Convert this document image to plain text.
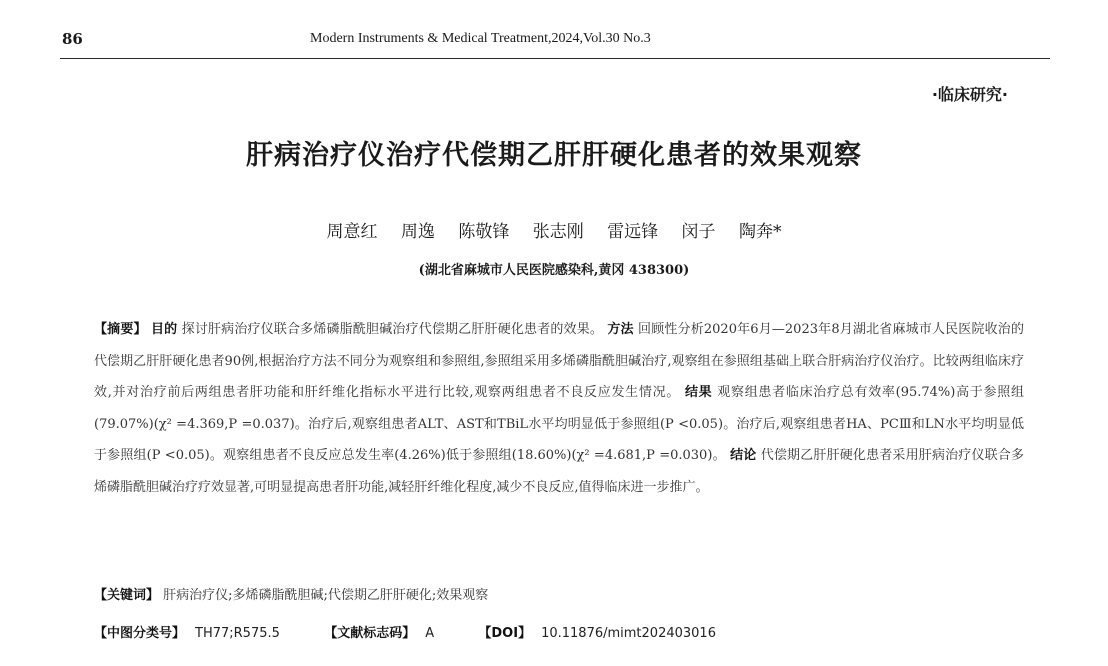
86	Modern Instruments & Medical Treatment,2024,Vol.30 No.3
·临床研究·
肝病治疗仪治疗代偿期乙肝肝硬化患者的效果观察
周意红 周逸 陈敬锋 张志刚 雷远锋 闵子 陶奔*
(湖北省麻城市人民医院感染科,黄冈 438300)
【摘要】 目的 探讨肝病治疗仪联合多烯磷脂酰胆碱治疗代偿期乙肝肝硬化患者的效果。 方法 回顾性分析2020年6月—2023年8月湖北省麻城市人民医院收治的代偿期乙肝肝硬化患者90例,根据治疗方法不同分为观察组和参照组,参照组采用多烯磷脂酰胆碱治疗,观察组在参照组基础上联合肝病治疗仪治疗。比较两组临床疗效,并对治疗前后两组患者肝功能和肝纤维化指标水平进行比较,观察两组患者不良反应发生情况。 结果 观察组患者临床治疗总有效率(95.74%)高于参照组(79.07%)(χ² =4.369,P =0.037)。治疗后,观察组患者ALT、AST和TBiL水平均明显低于参照组(P <0.05)。治疗后,观察组患者HA、PCⅢ和LN水平均明显低于参照组(P <0.05)。观察组患者不良反应总发生率(4.26%)低于参照组(18.60%)(χ² =4.681,P =0.030)。 结论 代偿期乙肝肝硬化患者采用肝病治疗仪联合多烯磷脂酰胆碱治疗疗效显著,可明显提高患者肝功能,减轻肝纤维化程度,减少不良反应,值得临床进一步推广。
【关键词】 肝病治疗仪;多烯磷脂酰胆碱;代偿期乙肝肝硬化;效果观察
【中图分类号】 TH77;R575.5	【文献标志码】 A	【DOI】 10.11876/mimt202403016
